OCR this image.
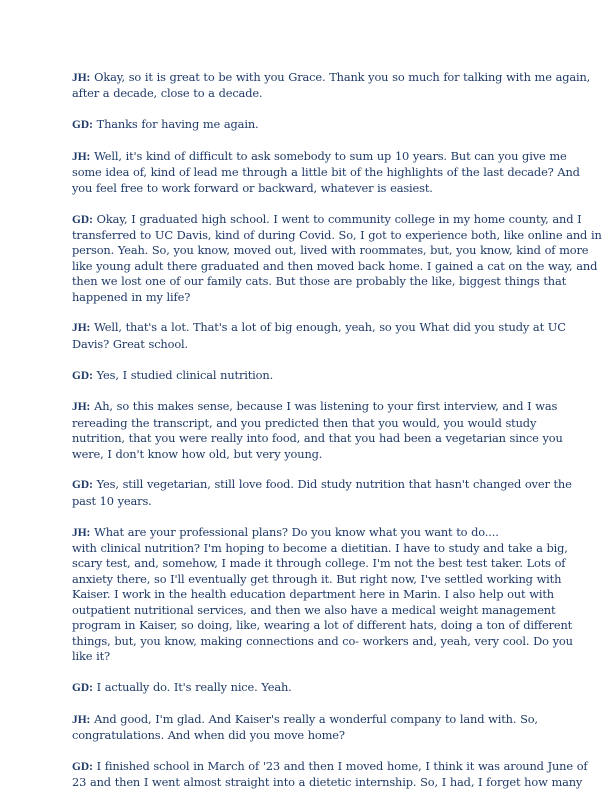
JH: Okay, so it is great to be with you Grace. Thank you so much for talking with me again,
after a decade, close to a decade.
GD: Thanks for having me again.
JH: Well, it's kind of difficult to ask somebody to sum up 10 years. But can you give me
some idea of, kind of lead me through a little bit of the highlights of the last decade? And
you feel free to work forward or backward, whatever is easiest.
GD: Okay, I graduated high school. I went to community college in my home county, and I
transferred to UC Davis, kind of during Covid. So, I got to experience both, like online and in
person. Yeah. So, you know, moved out, lived with roommates, but, you know, kind of more
like young adult there graduated and then moved back home. I gained a cat on the way, and
then we lost one of our family cats. But those are probably the like, biggest things that
happened in my life?
JH: Well, that's a lot. That's a lot of big enough, yeah, so you What did you study at UC
Davis? Great school.
GD: Yes, I studied clinical nutrition.
JH: Ah, so this makes sense, because I was listening to your first interview, and I was
rereading the transcript, and you predicted then that you would, you would study
nutrition, that you were really into food, and that you had been a vegetarian since you
were, I don't know how old, but very young.
GD: Yes, still vegetarian, still love food. Did study nutrition that hasn't changed over the
past 10 years.
JH: What are your professional plans? Do you know what you want to do....
with clinical nutrition? I'm hoping to become a dietitian. I have to study and take a big,
scary test, and, somehow, I made it through college. I'm not the best test taker. Lots of
anxiety there, so I'll eventually get through it. But right now, I've settled working with
Kaiser. I work in the health education department here in Marin. I also help out with
outpatient nutritional services, and then we also have a medical weight management
program in Kaiser, so doing, like, wearing a lot of different hats, doing a ton of different
things, but, you know, making connections and co- workers and, yeah, very cool. Do you
like it?
GD: I actually do. It's really nice. Yeah.
JH: And good, I'm glad. And Kaiser's really a wonderful company to land with. So,
congratulations. And when did you move home?
GD: I finished school in March of '23 and then I moved home, I think it was around June of
23 and then I went almost straight into a dietetic internship. So, I had, I forget how many
